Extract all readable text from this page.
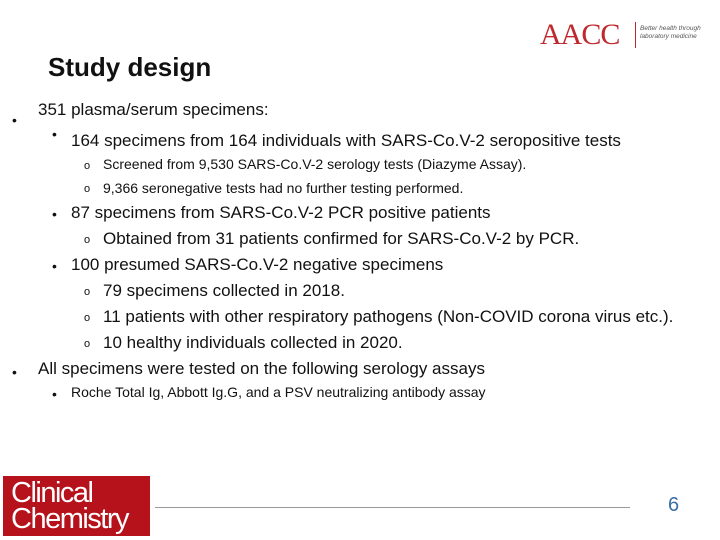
AACC	Better health through laboratory medicine
Study design
•
351 plasma/serum specimens:
• 164 specimens from 164 individuals with SARS-Co.V-2 seropositive tests
o Screened from 9,530 SARS-Co.V-2 serology tests (Diazyme Assay).
o 9,366 seronegative tests had no further testing performed.
• 87 specimens from SARS-Co.V-2 PCR positive patients
o Obtained from 31 patients confirmed for SARS-Co.V-2 by PCR.
• 100 presumed SARS-Co.V-2 negative specimens
o 79 specimens collected in 2018.
o 11 patients with other respiratory pathogens (Non-COVID corona virus etc.).
o 10 healthy individuals collected in 2020.
• All specimens were tested on the following serology assays
• Roche Total Ig, Abbott Ig.G, and a PSV neutralizing antibody assay
Clinical
Chemistry	6
